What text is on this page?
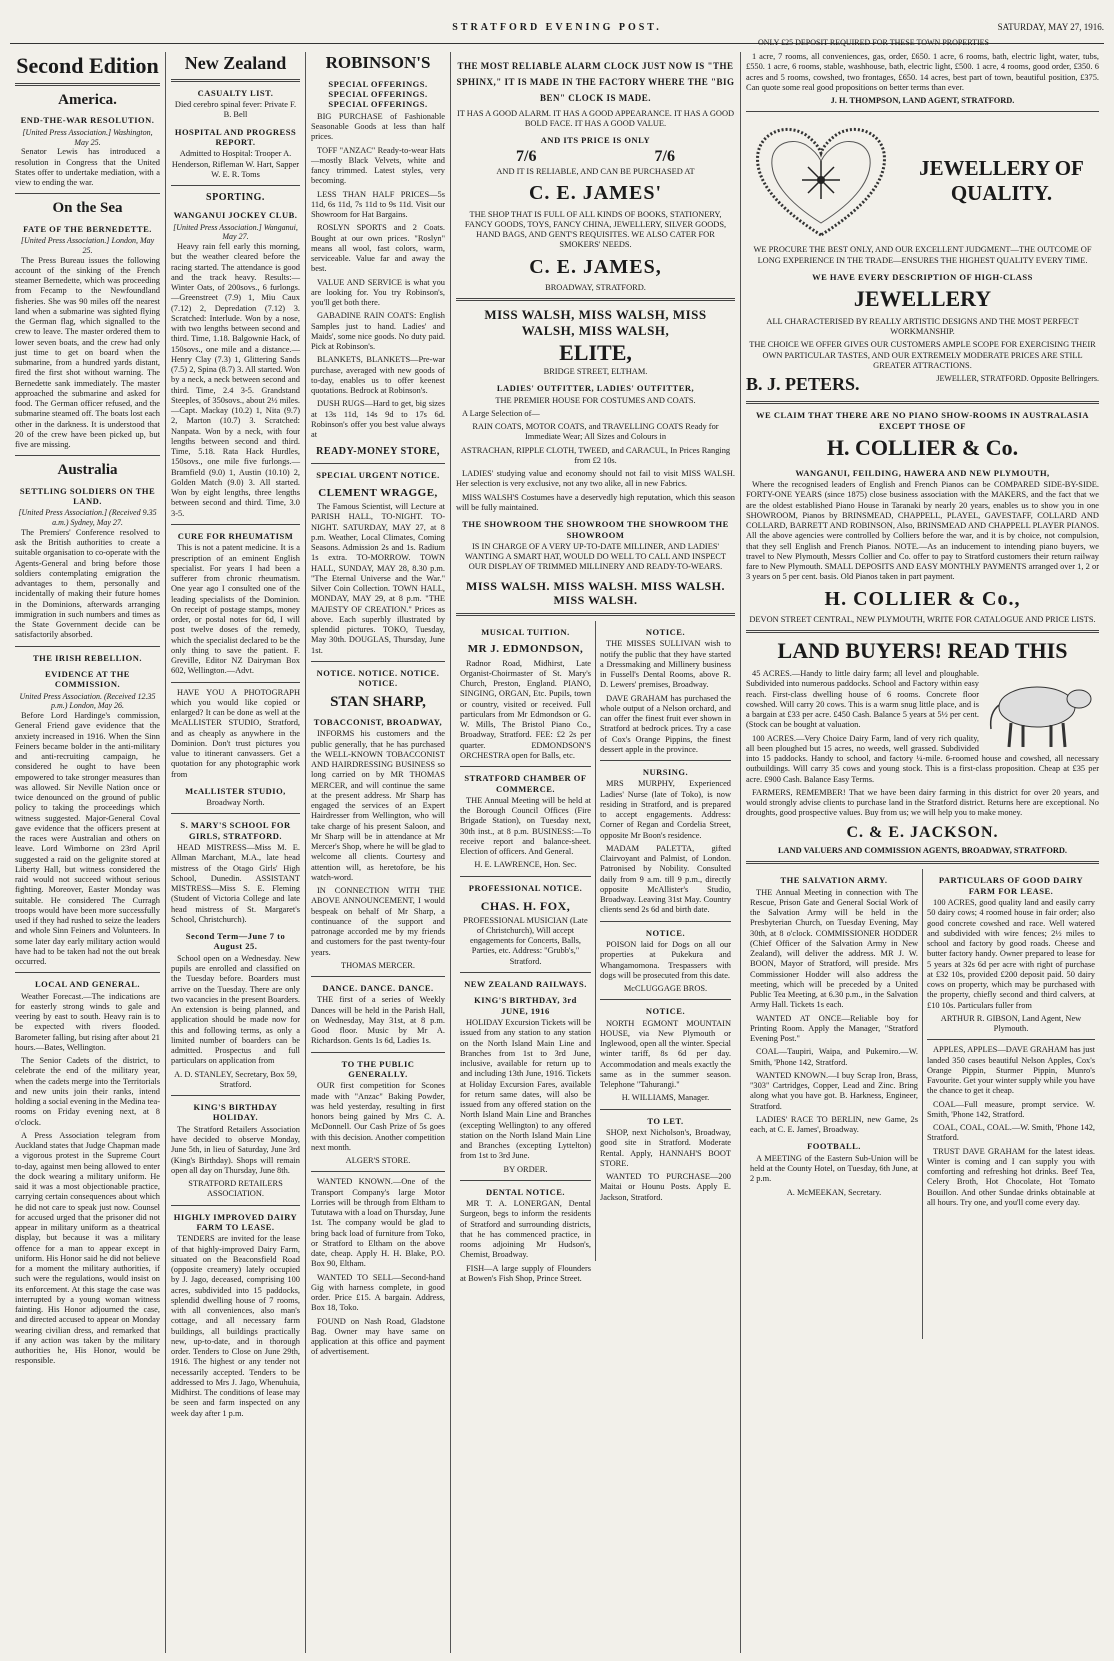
STRATFORD EVENING POST.	SATURDAY, MAY 27, 1916.
ONLY £25 DEPOSIT REQUIRED FOR THESE TOWN PROPERTIES
Second Edition
America.
END-THE-WAR RESOLUTION.
[United Press Association.] Washington, May 25.

Senator Lewis has introduced a resolution in Congress that the United States offer to undertake mediation, with a view to ending the war.

On the Sea
FATE OF THE BERNEDETTE.
[United Press Association.] London, May 25.

The Press Bureau issues the following account of the sinking of the French steamer Bernedette, which was proceeding from Fecamp to the Newfoundland fisheries. She was 90 miles off the nearest land when a submarine was sighted flying the German flag, which signalled to the crew to leave. The master ordered them to lower seven boats, and the crew had only just time to get on board when the submarine, from a hundred yards distant, fired the first shot without warning. The Bernedette sank immediately. The master approached the submarine and asked for food. The German officer refused, and the submarine steamed off. The boats lost each other in the darkness. It is understood that 20 of the crew have been picked up, but five are missing.

Australia
SETTLING SOLDIERS ON THE LAND.
[United Press Association.] (Received 9.35 a.m.) Sydney, May 27.

The Premiers' Conference resolved to ask the British authorities to create a suitable organisation to co-operate with the Agents-General and bring before those soldiers contemplating emigration the advantages to them, personally and incidentally of making their future homes in the Dominions, afterwards arranging immigration in such numbers and times as the State Government decide can be satisfactorily absorbed.

THE IRISH REBELLION.
EVIDENCE AT THE COMMISSION.
United Press Association. (Received 12.35 p.m.) London, May 26.

Before Lord Hardinge's commission, General Friend gave evidence that the anxiety increased in 1916. When the Sinn Feiners became bolder in the anti-military and anti-recruiting campaign, he considered he ought to have been empowered to take stronger measures than was allowed. Sir Neville Nation once or twice denounced on the ground of public policy to taking the proceedings which witness suggested. Major-General Coval gave evidence that the officers present at the races were Australian and others on leave. Lord Wimborne on 23rd April suggested a raid on the gelignite stored at Liberty Hall, but witness considered the raid would not succeed without serious fighting. Moreover, Easter Monday was suitable. He considered The Curragh troops would have been more successfully used if they had rushed to seize the leaders and whole Sinn Feiners and Volunteers. In some later day early military action would have had to be taken had not the out break occurred.

LOCAL AND GENERAL.

Weather Forecast.—The indications are for easterly strong winds to gale and veering by east to south. Heavy rain is to be expected with rivers flooded. Barometer falling, but rising after about 21 hours.—Bates, Wellington.

The Senior Cadets of the district, to celebrate the end of the military year, when the cadets merge into the Territorials and new units join their ranks, intend holding a social evening in the Medina tea-rooms on Friday evening next, at 8 o'clock.

A Press Association telegram from Auckland states that Judge Chapman made a vigorous protest in the Supreme Court to-day, against men being allowed to enter the dock wearing a military uniform. He said it was a most objectionable practice, carrying certain consequences about which he did not care to speak just now. Counsel for accused urged that the prisoner did not appear in military uniform as a theatrical display, but because it was a military offence for a man to appear except in uniform. His Honor said he did not believe for a moment the military authorities, if such were the regulations, would insist on its enforcement. At this stage the case was interrupted by a young woman witness fainting. His Honor adjourned the case, and directed accused to appear on Monday wearing civilian dress, and remarked that if any action was taken by the military authorities he, His Honor, would be responsible.

New Zealand
CASUALTY LIST.

Died cerebro spinal fever: Private F. B. Bell

HOSPITAL AND PROGRESS REPORT.

Admitted to Hospital: Trooper A. Henderson, Rifleman W. Hart, Sapper W. E. R. Toms

SPORTING.
WANGANUI JOCKEY CLUB.
[United Press Association.] Wanganui, May 27.

Heavy rain fell early this morning, but the weather cleared before the racing started. The attendance is good and the track heavy. Results:— Winter Oats, of 200sovs., 6 furlongs.—Greenstreet (7.9) 1, Miu Caux (7.12) 2, Depredation (7.12) 3. Scratched: Interlude. Won by a nose, with two lengths between second and third. Time, 1.18. Balgownie Hack, of 150sovs., one mile and a distance.—Henry Clay (7.3) 1, Glittering Sands (7.5) 2, Spina (8.7) 3. All started. Won by a neck, a neck between second and third. Time, 2.4 3-5. Grandstand Steeples, of 350sovs., about 2½ miles.—Capt. Mackay (10.2) 1, Nita (9.7) 2, Marton (10.7) 3. Scratched: Nanpata. Won by a neck, with four lengths between second and third. Time, 5.18. Rata Hack Hurdles, 150sovs., one mile five furlongs.—Bramfield (9.0) 1, Austin (10.10) 2, Golden Match (9.0) 3. All started. Won by eight lengths, three lengths between second and third. Time, 3.0 3-5.

CURE FOR RHEUMATISM

This is not a patent medicine. It is a prescription of an eminent English specialist. For years I had been a sufferer from chronic rheumatism. One year ago I consulted one of the leading specialists of the Dominion. On receipt of postage stamps, money order, or postal notes for 6d, I will post twelve doses of the remedy, which the specialist declared to be the only thing to save the patient. F. Greville, Editor NZ Dairyman Box 602, Wellington.—Advt.

HAVE YOU A PHOTOGRAPH which you would like copied or enlarged? It can be done as well at the McALLISTER STUDIO, Stratford, and as cheaply as anywhere in the Dominion. Don't trust pictures you value to itinerant canvassers. Get a quotation for any photographic work from

McALLISTER STUDIO,

Broadway North.

S. MARY'S SCHOOL FOR GIRLS, STRATFORD.

HEAD MISTRESS—Miss M. E. Allman Marchant, M.A., late head mistress of the Otago Girls' High School, Dunedin. ASSISTANT MISTRESS—Miss S. E. Fleming (Student of Victoria College and late head mistress of St. Margaret's School, Christchurch).

Second Term—June 7 to August 25.

School open on a Wednesday. New pupils are enrolled and classified on the Tuesday before. Boarders must arrive on the Tuesday. There are only two vacancies in the present Boarders. An extension is being planned, and application should be made now for this and following terms, as only a limited number of boarders can be admitted. Prospectus and full particulars on application from

A. D. STANLEY, Secretary, Box 59, Stratford.

KING'S BIRTHDAY HOLIDAY.

The Stratford Retailers Association have decided to observe Monday, June 5th, in lieu of Saturday, June 3rd (King's Birthday). Shops will remain open all day on Thursday, June 8th.

STRATFORD RETAILERS ASSOCIATION.

HIGHLY IMPROVED DAIRY FARM TO LEASE.

TENDERS are invited for the lease of that highly-improved Dairy Farm, situated on the Beaconsfield Road (opposite creamery) lately occupied by J. Jago, deceased, comprising 100 acres, subdivided into 15 paddocks, splendid dwelling house of 7 rooms, with all conveniences, also man's cottage, and all necessary farm buildings, all buildings practically new, up-to-date, and in thorough order. Tenders to Close on June 29th, 1916. The highest or any tender not necessarily accepted. Tenders to be addressed to Mrs J. Jago, Whenuhuia, Midhirst. The conditions of lease may be seen and farm inspected on any week day after 1 p.m.

ROBINSON'S
SPECIAL OFFERINGS. SPECIAL OFFERINGS. SPECIAL OFFERINGS.

BIG PURCHASE of Fashionable Seasonable Goods at less than half prices.

TOFF "ANZAC" Ready-to-wear Hats—mostly Black Velvets, white and fancy trimmed. Latest styles, very becoming.

LESS THAN HALF PRICES—5s 11d, 6s 11d, 7s 11d to 9s 11d. Visit our Showroom for Hat Bargains.

ROSLYN SPORTS and 2 Coats. Bought at our own prices. "Roslyn" means all wool, fast colors, warm, serviceable. Value far and away the best.

VALUE AND SERVICE is what you are looking for. You try Robinson's, you'll get both there.

GABADINE RAIN COATS: English Samples just to hand. Ladies' and Maids', some nice goods. No duty paid. Pick at Robinson's.

BLANKETS, BLANKETS—Pre-war purchase, averaged with new goods of to-day, enables us to offer keenest quotations. Bedrock at Robinson's.

DUSH RUGS—Hard to get, big sizes at 13s 11d, 14s 9d to 17s 6d. Robinson's offer you best value always at

READY-MONEY STORE,
SPECIAL URGENT NOTICE.
CLEMENT WRAGGE,

The Famous Scientist, will Lecture at PARISH HALL, TO-NIGHT. TO-NIGHT. SATURDAY, MAY 27, at 8 p.m. Weather, Local Climates, Coming Seasons. Admission 2s and 1s. Radium 1s extra. TO-MORROW. TOWN HALL, SUNDAY, MAY 28, 8.30 p.m. "The Eternal Universe and the War." Silver Coin Collection. TOWN HALL, MONDAY, MAY 29, at 8 p.m. "THE MAJESTY OF CREATION." Prices as above. Each superbly illustrated by splendid pictures. TOKO, Tuesday, May 30th. DOUGLAS, Thursday, June 1st.

NOTICE. NOTICE. NOTICE. NOTICE.
STAN SHARP,
TOBACCONIST, BROADWAY,

INFORMS his customers and the public generally, that he has purchased the WELL-KNOWN TOBACCONIST AND HAIRDRESSING BUSINESS so long carried on by MR THOMAS MERCER, and will continue the same at the present address. Mr Sharp has engaged the services of an Expert Hairdresser from Wellington, who will take charge of his present Saloon, and Mr Sharp will be in attendance at Mr Mercer's Shop, where he will be glad to welcome all clients. Courtesy and attention will, as heretofore, be his watch-word.

IN CONNECTION WITH THE ABOVE ANNOUNCEMENT, I would bespeak on behalf of Mr Sharp, a continuance of the support and patronage accorded me by my friends and customers for the past twenty-four years.

THOMAS MERCER.

DANCE. DANCE. DANCE.

THE first of a series of Weekly Dances will be held in the Parish Hall, on Wednesday, May 31st, at 8 p.m. Good floor. Music by Mr A. Richardson. Gents 1s 6d, Ladies 1s.

TO THE PUBLIC GENERALLY.

OUR first competition for Scones made with "Anzac" Baking Powder, was held yesterday, resulting in first honors being gained by Mrs C. A. McDonnell. Our Cash Prize of 5s goes with this decision. Another competition next month.

ALGER'S STORE.

WANTED KNOWN.—One of the Transport Company's large Motor Lorries will be through from Eltham to Tututawa with a load on Thursday, June 1st. The company would be glad to bring back load of furniture from Toko, or Stratford to Eltham on the above date, cheap. Apply H. H. Blake, P.O. Box 90, Eltham.

WANTED TO SELL—Second-hand Gig with harness complete, in good order. Price £15. A bargain. Address, Box 18, Toko.

FOUND on Nash Road, Gladstone Bag. Owner may have same on application at this office and payment of advertisement.

THE MOST RELIABLE ALARM CLOCK JUST NOW IS "THE SPHINX," IT IS MADE IN THE FACTORY WHERE THE "BIG BEN" CLOCK IS MADE.

IT HAS A GOOD ALARM. IT HAS A GOOD APPEARANCE. IT HAS A GOOD BOLD FACE. IT HAS A GOOD VALUE.

AND ITS PRICE IS ONLY
7/6	7/6

AND IT IS RELIABLE, AND CAN BE PURCHASED AT

C. E. JAMES'

THE SHOP THAT IS FULL OF ALL KINDS OF BOOKS, STATIONERY, FANCY GOODS, TOYS, FANCY CHINA, JEWELLERY, SILVER GOODS, HAND BAGS, AND GENT'S REQUISITES. WE ALSO CATER FOR SMOKERS' NEEDS.

C. E. JAMES,

BROADWAY, STRATFORD.

MISS WALSH, MISS WALSH, MISS WALSH, MISS WALSH,
ELITE,

BRIDGE STREET, ELTHAM.

LADIES' OUTFITTER, LADIES' OUTFITTER,

THE PREMIER HOUSE FOR COSTUMES AND COATS.

A Large Selection of—

RAIN COATS, MOTOR COATS, and TRAVELLING COATS Ready for Immediate Wear; All Sizes and Colours in

ASTRACHAN, RIPPLE CLOTH, TWEED, and CARACUL, In Prices Ranging from £2 10s.

LADIES' studying value and economy should not fail to visit MISS WALSH. Her selection is very exclusive, not any two alike, all in new Fabrics.

MISS WALSH'S Costumes have a deservedly high reputation, which this season will be fully maintained.

THE SHOWROOM THE SHOWROOM THE SHOWROOM THE SHOWROOM

IS IN CHARGE OF A VERY UP-TO-DATE MILLINER, AND LADIES' WANTING A SMART HAT, WOULD DO WELL TO CALL AND INSPECT OUR DISPLAY OF TRIMMED MILLINERY AND READY-TO-WEARS.

MISS WALSH. MISS WALSH. MISS WALSH. MISS WALSH.
MUSICAL TUITION.
MR J. EDMONDSON,

Radnor Road, Midhirst, Late Organist-Choirmaster of St. Mary's Church, Preston, England. PIANO, SINGING, ORGAN, Etc. Pupils, town or country, visited or received. Full particulars from Mr Edmondson or G. W. Mills, The Bristol Piano Co., Broadway, Stratford. FEE: £2 2s per quarter. EDMONDSON'S ORCHESTRA open for Balls, etc.

STRATFORD CHAMBER OF COMMERCE.

THE Annual Meeting will be held at the Borough Council Offices (Fire Brigade Station), on Tuesday next, 30th inst., at 8 p.m. BUSINESS:—To receive report and balance-sheet. Election of officers. And General.

H. E. LAWRENCE, Hon. Sec.

PROFESSIONAL NOTICE.
CHAS. H. FOX,

PROFESSIONAL MUSICIAN (Late of Christchurch), Will accept engagements for Concerts, Balls, Parties, etc. Address: "Grubb's," Stratford.

NEW ZEALAND RAILWAYS.
KING'S BIRTHDAY, 3rd JUNE, 1916

HOLIDAY Excursion Tickets will be issued from any station to any station on the North Island Main Line and Branches from 1st to 3rd June, inclusive, available for return up to and including 13th June, 1916. Tickets at Holiday Excursion Fares, available for return same dates, will also be issued from any offered station on the North Island Main Line and Branches (excepting Wellington) to any offered station on the North Island Main Line and Branches (excepting Lyttelton) from 1st to 3rd June.

BY ORDER.

DENTAL NOTICE.

MR T. A. LONERGAN, Dental Surgeon, begs to inform the residents of Stratford and surrounding districts, that he has commenced practice, in rooms adjoining Mr Hudson's, Chemist, Broadway.

FISH—A large supply of Flounders at Bowen's Fish Shop, Prince Street.

NOTICE.

THE MISSES SULLIVAN wish to notify the public that they have started a Dressmaking and Millinery business in Fussell's Dental Rooms, above R. D. Lewers' premises, Broadway.

DAVE GRAHAM has purchased the whole output of a Nelson orchard, and can offer the finest fruit ever shown in Stratford at bedrock prices. Try a case of Cox's Orange Pippins, the finest dessert apple in the province.

NURSING.

MRS MURPHY, Experienced Ladies' Nurse (late of Toko), is now residing in Stratford, and is prepared to accept engagements. Address: Corner of Regan and Cordelia Street, opposite Mr Boon's residence.

MADAM PALETTA, gifted Clairvoyant and Palmist, of London. Patronised by Nobility. Consulted daily from 9 a.m. till 9 p.m., directly opposite McAllister's Studio, Broadway. Leaving 31st May. Country clients send 2s 6d and birth date.

NOTICE.

POISON laid for Dogs on all our properties at Pukekura and Whangamomona. Trespassers with dogs will be prosecuted from this date.

McCLUGGAGE BROS.

NOTICE.

NORTH EGMONT MOUNTAIN HOUSE, via New Plymouth or Inglewood, open all the winter. Special winter tariff, 8s 6d per day. Accommodation and meals exactly the same as in the summer season. Telephone "Tahurangi."

H. WILLIAMS, Manager.

TO LET.

SHOP, next Nicholson's, Broadway, good site in Stratford. Moderate Rental. Apply, HANNAH'S BOOT STORE.

WANTED TO PURCHASE—200 Maitai or Hounu Posts. Apply E. Jackson, Stratford.

1 acre, 7 rooms, all conveniences, gas, order, £650. 1 acre, 6 rooms, bath, electric light, water, tubs, £550. 1 acre, 6 rooms, stable, washhouse, bath, electric light, £500. 1 acre, 4 rooms, good order, £350. 6 acres and 5 rooms, cowshed, two frontages, £650. 14 acres, best part of town, beautiful position, £375. Can quote some real good propositions on better terms than ever.

J. H. THOMPSON, LAND AGENT, STRATFORD.

JEWELLERY OF QUALITY.

WE PROCURE THE BEST ONLY, AND OUR EXCELLENT JUDGMENT—THE OUTCOME OF LONG EXPERIENCE IN THE TRADE—ENSURES THE HIGHEST QUALITY EVERY TIME.

WE HAVE EVERY DESCRIPTION OF HIGH-CLASS
JEWELLERY

ALL CHARACTERISED BY REALLY ARTISTIC DESIGNS AND THE MOST PERFECT WORKMANSHIP.

THE CHOICE WE OFFER GIVES OUR CUSTOMERS AMPLE SCOPE FOR EXERCISING THEIR OWN PARTICULAR TASTES, AND OUR EXTREMELY MODERATE PRICES ARE STILL GREATER ATTRACTIONS.

B. J. PETERS.	JEWELLER, STRATFORD. Opposite Bellringers.
WE CLAIM THAT THERE ARE NO PIANO SHOW-ROOMS IN AUSTRALASIA EXCEPT THOSE OF
H. COLLIER & Co.
WANGANUI, FEILDING, HAWERA AND NEW PLYMOUTH,

Where the recognised leaders of English and French Pianos can be COMPARED SIDE-BY-SIDE. FORTY-ONE YEARS (since 1875) close business association with the MAKERS, and the fact that we are the oldest established Piano House in Taranaki by nearly 20 years, enables us to show you in one SHOWROOM, Pianos by BRINSMEAD, CHAPPELL, PLAYEL, GAVESTAFF, COLLARD AND COLLARD, BARRETT AND ROBINSON, Also, BRINSMEAD AND CHAPPELL PLAYER PIANOS. All the above agencies were controlled by Colliers before the war, and it is by choice, not compulsion, that they sell English and French Pianos. NOTE.—As an inducement to intending piano buyers, we travel to New Plymouth, Messrs Collier and Co. offer to pay to Stratford customers their return railway fare to New Plymouth. SMALL DEPOSITS AND EASY MONTHLY PAYMENTS arranged over 1, 2 or 3 years on 5 per cent. basis. Old Pianos taken in part payment.

H. COLLIER & Co.,

DEVON STREET CENTRAL, NEW PLYMOUTH, WRITE FOR CATALOGUE AND PRICE LISTS.

LAND BUYERS! READ THIS

45 ACRES.—Handy to little dairy farm; all level and ploughable. Subdivided into numerous paddocks. School and Factory within easy reach. First-class dwelling house of 6 rooms. Concrete floor cowshed. Will carry 20 cows. This is a warm snug little place, and is a bargain at £33 per acre. £450 Cash. Balance 5 years at 5½ per cent. (Stock can be bought at valuation.

100 ACRES.—Very Choice Dairy Farm, land of very rich quality, all been ploughed but 15 acres, no weeds, well grassed. Subdivided into 15 paddocks. Handy to school, and factory ¼-mile. 6-roomed house and cowshed, all necessary outbuildings. Will carry 35 cows and young stock. This is a first-class proposition. Cheap at £35 per acre. £900 Cash. Balance Easy Terms.

FARMERS, REMEMBER! That we have been dairy farming in this district for over 20 years, and would strongly advise clients to purchase land in the Stratford district. Returns here are exceptional. No droughts, good prospective values. Buy from us; we will help you to make money.

C. & E. JACKSON.

LAND VALUERS AND COMMISSION AGENTS, BROADWAY, STRATFORD.

THE SALVATION ARMY.

THE Annual Meeting in connection with The Rescue, Prison Gate and General Social Work of the Salvation Army will be held in the Presbyterian Church, on Tuesday Evening, May 30th, at 8 o'clock. COMMISSIONER HODDER (Chief Officer of the Salvation Army in New Zealand), will deliver the address. MR J. W. BOON, Mayor of Stratford, will preside. Mrs Commissioner Hodder will also address the meeting, which will be preceded by a United Public Tea Meeting, at 6.30 p.m., in the Salvation Army Hall. Tickets 1s each.

WANTED AT ONCE—Reliable boy for Printing Room. Apply the Manager, "Stratford Evening Post."

COAL—Taupiri, Waipa, and Pukemiro.—W. Smith, 'Phone 142, Stratford.

WANTED KNOWN.—I buy Scrap Iron, Brass, "303" Cartridges, Copper, Lead and Zinc. Bring along what you have got. B. Harkness, Engineer, Stratford.

LADIES' RACE TO BERLIN, new Game, 2s each, at C. E. James', Broadway.

FOOTBALL.

A MEETING of the Eastern Sub-Union will be held at the County Hotel, on Tuesday, 6th June, at 2 p.m.

A. McMEEKAN, Secretary.

PARTICULARS OF GOOD DAIRY FARM FOR LEASE.

100 ACRES, good quality land and easily carry 50 dairy cows; 4 roomed house in fair order; also good concrete cowshed and race. Well watered and subdivided with wire fences; 2½ miles to school and factory by good roads. Cheese and butter factory handy. Owner prepared to lease for 5 years at 32s 6d per acre with right of purchase at £32 10s, provided £200 deposit paid. 50 dairy cows on property, which may be purchased with the property, chiefly second and third calvers, at £10 10s. Particulars fuller from

ARTHUR R. GIBSON, Land Agent, New Plymouth.

APPLES, APPLES—DAVE GRAHAM has just landed 350 cases beautiful Nelson Apples, Cox's Orange Pippin, Sturmer Pippin, Munro's Favourite. Get your winter supply while you have the chance to get it cheap.

COAL—Full measure, prompt service. W. Smith, 'Phone 142, Stratford.

COAL, COAL, COAL.—W. Smith, 'Phone 142, Stratford.

TRUST DAVE GRAHAM for the latest ideas. Winter is coming and I can supply you with comforting and refreshing hot drinks. Beef Tea, Celery Broth, Hot Chocolate, Hot Tomato Bouillon. And other Sundae drinks obtainable at all hours. Try one, and you'll come every day.
